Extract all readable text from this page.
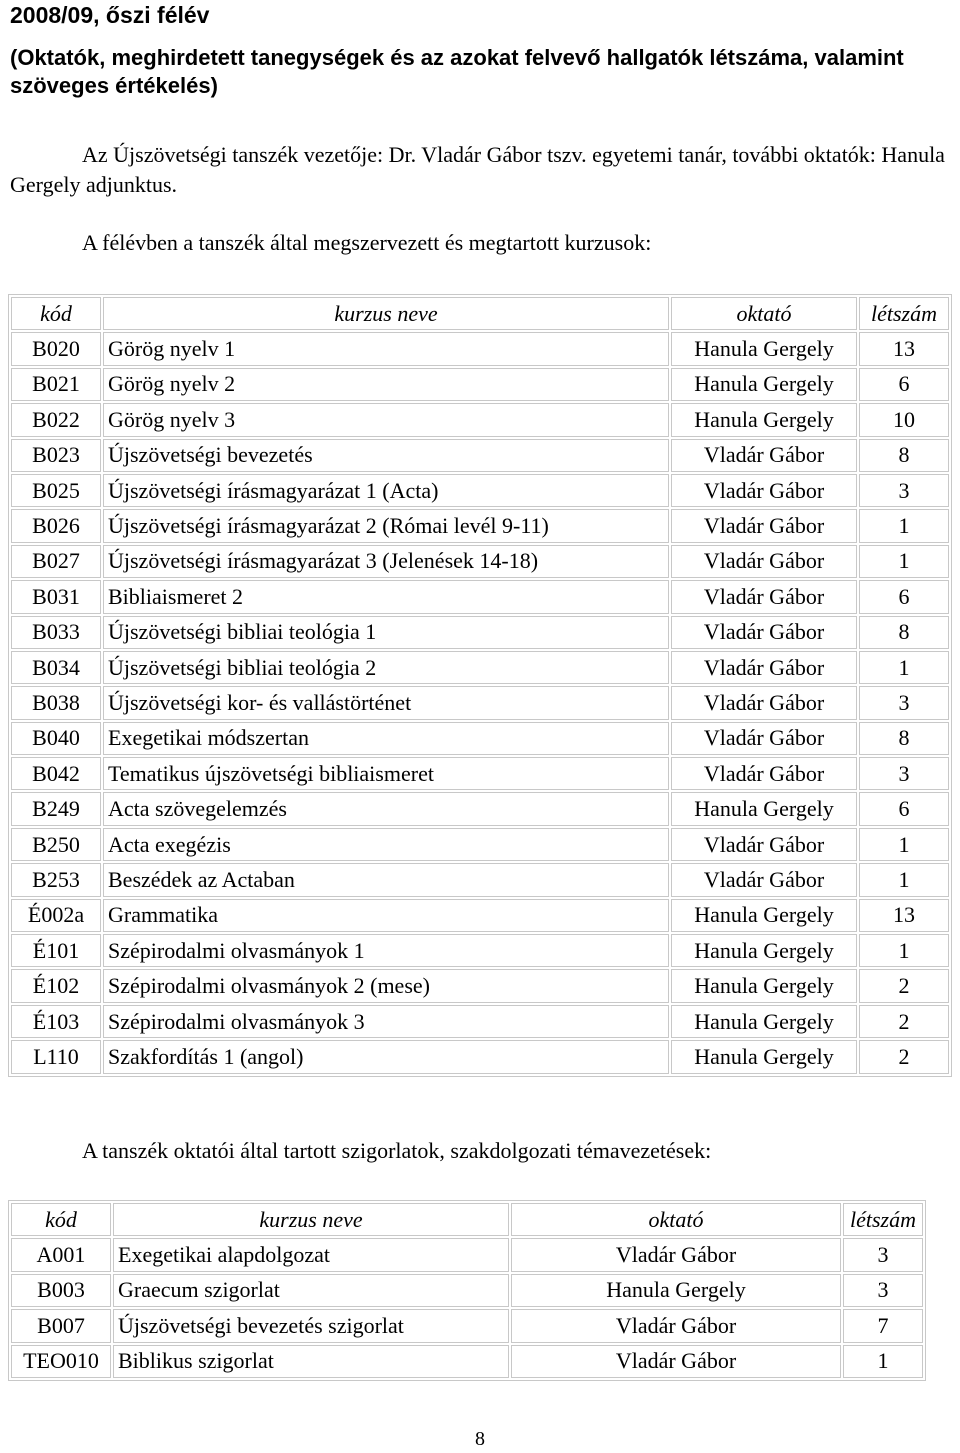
2008/09, őszi félév
(Oktatók, meghirdetett tanegységek és az azokat felvevő hallgatók létszáma, valamint szöveges értékelés)
Az Újszövetségi tanszék vezetője: Dr. Vladár Gábor tszv. egyetemi tanár, további oktatók: Hanula Gergely adjunktus.
A félévben a tanszék által megszervezett és megtartott kurzusok:
kód	kurzus neve	oktató	létszám
B020	Görög nyelv 1	Hanula Gergely	13
B021	Görög nyelv 2	Hanula Gergely	6
B022	Görög nyelv 3	Hanula Gergely	10
B023	Újszövetségi bevezetés	Vladár Gábor	8
B025	Újszövetségi írásmagyarázat 1 (Acta)	Vladár Gábor	3
B026	Újszövetségi írásmagyarázat 2 (Római levél 9-11)	Vladár Gábor	1
B027	Újszövetségi írásmagyarázat 3 (Jelenések 14-18)	Vladár Gábor	1
B031	Bibliaismeret 2	Vladár Gábor	6
B033	Újszövetségi bibliai teológia 1	Vladár Gábor	8
B034	Újszövetségi bibliai teológia 2	Vladár Gábor	1
B038	Újszövetségi kor- és vallástörténet	Vladár Gábor	3
B040	Exegetikai módszertan	Vladár Gábor	8
B042	Tematikus újszövetségi bibliaismeret	Vladár Gábor	3
B249	Acta szövegelemzés	Hanula Gergely	6
B250	Acta exegézis	Vladár Gábor	1
B253	Beszédek az Actaban	Vladár Gábor	1
É002a	Grammatika	Hanula Gergely	13
É101	Szépirodalmi olvasmányok 1	Hanula Gergely	1
É102	Szépirodalmi olvasmányok 2 (mese)	Hanula Gergely	2
É103	Szépirodalmi olvasmányok 3	Hanula Gergely	2
L110	Szakfordítás 1 (angol)	Hanula Gergely	2
A tanszék oktatói által tartott szigorlatok, szakdolgozati témavezetések:
kód	kurzus neve	oktató	létszám
A001	Exegetikai alapdolgozat	Vladár Gábor	3
B003	Graecum szigorlat	Hanula Gergely	3
B007	Újszövetségi bevezetés szigorlat	Vladár Gábor	7
TEO010	Biblikus szigorlat	Vladár Gábor	1
8
